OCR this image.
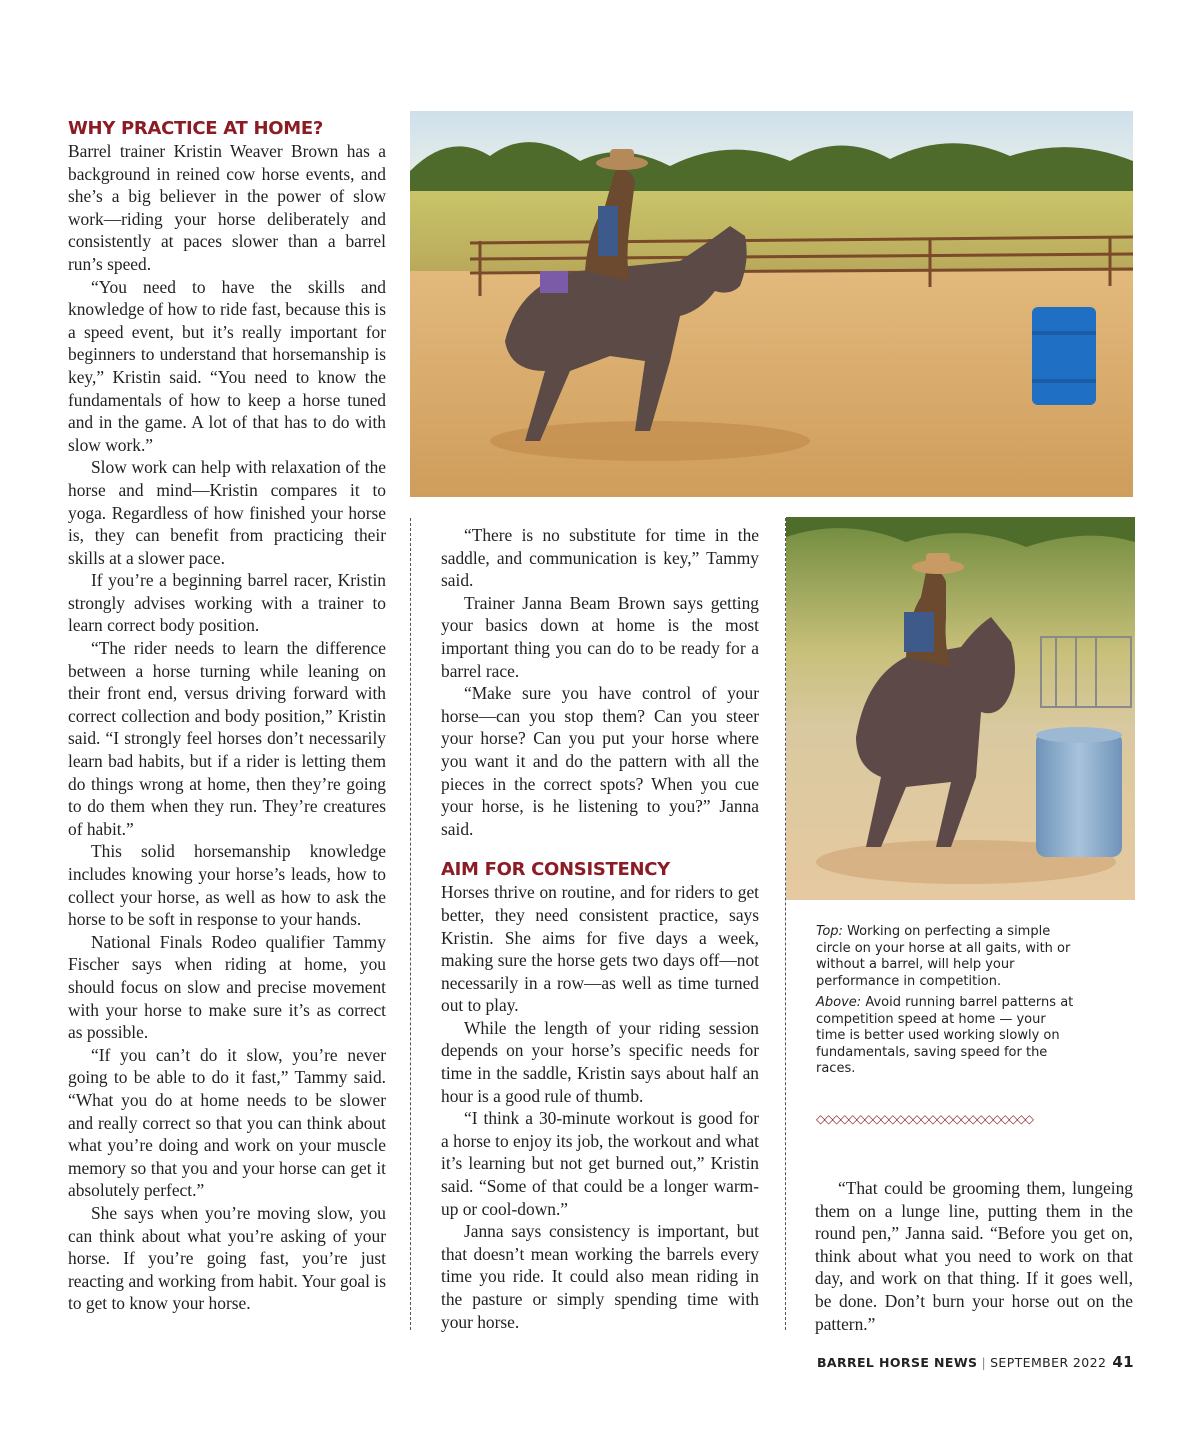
WHY PRACTICE AT HOME?

Barrel trainer Kristin Weaver Brown has a background in reined cow horse events, and she’s a big believer in the power of slow work—riding your horse deliberately and consistently at paces slower than a barrel run’s speed.

“You need to have the skills and knowledge of how to ride fast, because this is a speed event, but it’s really important for beginners to understand that horsemanship is key,” Kristin said. “You need to know the fundamentals of how to keep a horse tuned and in the game. A lot of that has to do with slow work.”

Slow work can help with relaxation of the horse and mind—Kristin compares it to yoga. Regardless of how finished your horse is, they can benefit from practicing their skills at a slower pace.

If you’re a beginning barrel racer, Kristin strongly advises working with a trainer to learn correct body position.

“The rider needs to learn the difference between a horse turning while leaning on their front end, versus driving forward with correct collection and body position,” Kristin said. “I strongly feel horses don’t necessarily learn bad habits, but if a rider is letting them do things wrong at home, then they’re going to do them when they run. They’re creatures of habit.”

This solid horsemanship knowledge includes knowing your horse’s leads, how to collect your horse, as well as how to ask the horse to be soft in response to your hands.

National Finals Rodeo qualifier Tammy Fischer says when riding at home, you should focus on slow and precise movement with your horse to make sure it’s as correct as possible.

“If you can’t do it slow, you’re never going to be able to do it fast,” Tammy said. “What you do at home needs to be slower and really correct so that you can think about what you’re doing and work on your muscle memory so that you and your horse can get it absolutely perfect.”

She says when you’re moving slow, you can think about what you’re asking of your horse. If you’re going fast, you’re just reacting and working from habit. Your goal is to get to know your horse.

“There is no substitute for time in the saddle, and communication is key,” Tammy said.

Trainer Janna Beam Brown says getting your basics down at home is the most important thing you can do to be ready for a barrel race.

“Make sure you have control of your horse—can you stop them? Can you steer your horse? Can you put your horse where you want it and do the pattern with all the pieces in the correct spots? When you cue your horse, is he listening to you?” Janna said.

AIM FOR CONSISTENCY

Horses thrive on routine, and for riders to get better, they need consistent practice, says Kristin. She aims for five days a week, making sure the horse gets two days off—not necessarily in a row—as well as time turned out to play.

While the length of your riding session depends on your horse’s specific needs for time in the saddle, Kristin says about half an hour is a good rule of thumb.

“I think a 30-minute workout is good for a horse to enjoy its job, the workout and what it’s learning but not get burned out,” Kristin said. “Some of that could be a longer warm-up or cool-down.”

Janna says consistency is important, but that doesn’t mean working the barrels every time you ride. It could also mean riding in the pasture or simply spending time with your horse.

Top: Working on perfecting a simple circle on your horse at all gaits, with or without a barrel, will help your performance in competition.

Above: Avoid running barrel patterns at competition speed at home — your time is better used working slowly on fundamentals, saving speed for the races.

◇◇◇◇◇◇◇◇◇◇◇◇◇◇◇◇◇◇◇◇◇◇◇◇◇◇◇

“That could be grooming them, lungeing them on a lunge line, putting them in the round pen,” Janna said. “Before you get on, think about what you need to work on that day, and work on that thing. If it goes well, be done. Don’t burn your horse out on the pattern.”

BARREL HORSE NEWS | SEPTEMBER 2022 41
